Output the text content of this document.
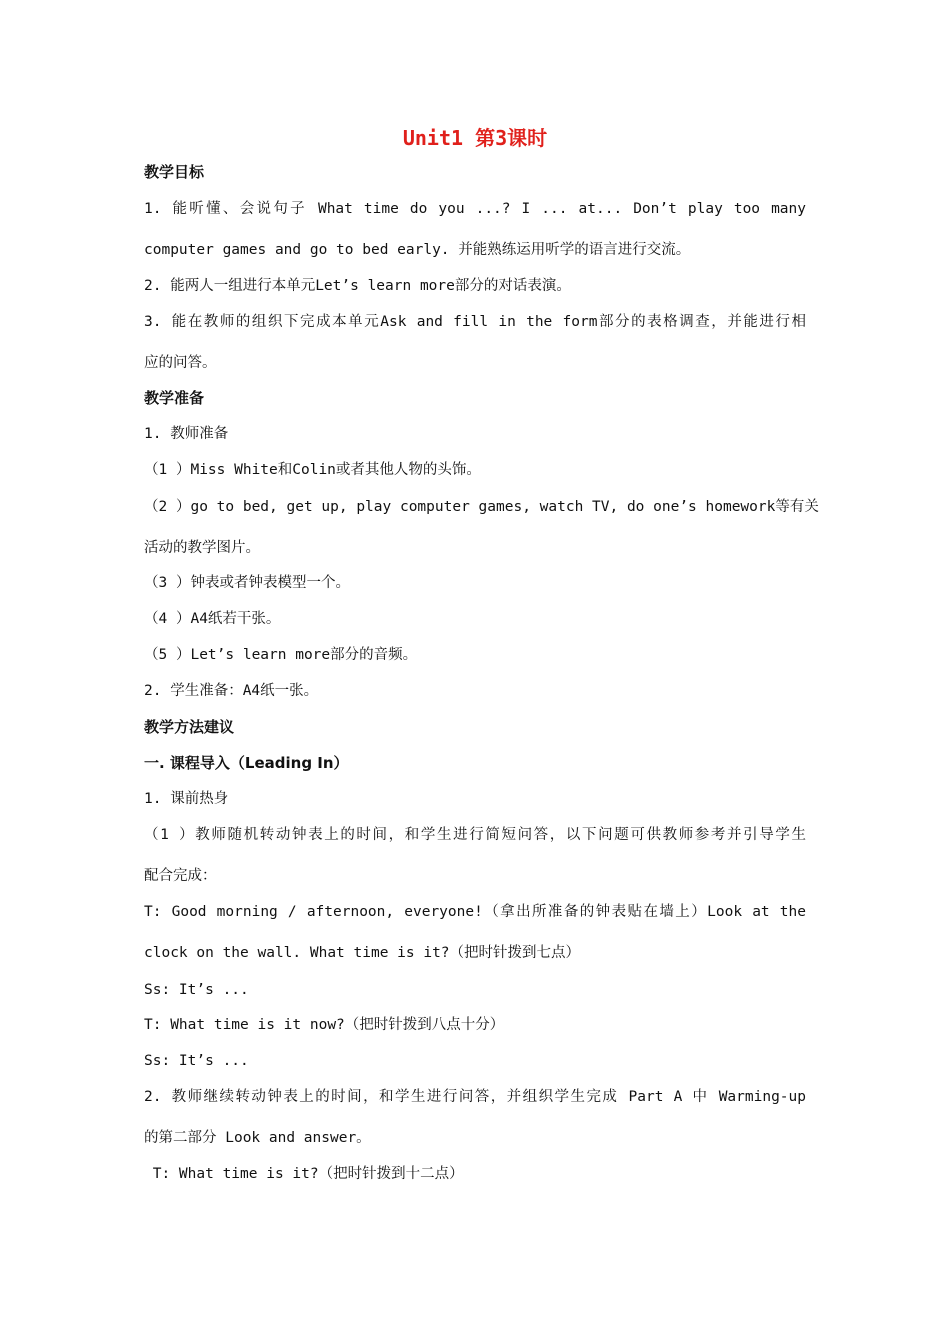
Unit1 第3课时
教学目标
1. 能听懂、会说句子 What time do you ...? I ... at... Don’t play too many
computer games and go to bed early. 并能熟练运用听学的语言进行交流。
2. 能两人一组进行本单元Let’s learn more部分的对话表演。
3. 能在教师的组织下完成本单元Ask and fill in the form部分的表格调查，并能进行相
应的问答。
教学准备
1. 教师准备
（1 ）Miss White和Colin或者其他人物的头饰。
（2 ）go to bed, get up, play computer games, watch TV, do one’s homework等有关
活动的教学图片。
（3 ）钟表或者钟表模型一个。
（4 ）A4纸若干张。
（5 ）Let’s learn more部分的音频。
2. 学生准备：A4纸一张。
教学方法建议
一. 课程导入（Leading In）
1. 课前热身
（1 ）教师随机转动钟表上的时间，和学生进行简短问答，以下问题可供教师参考并引导学生
配合完成：
T: Good morning / afternoon, everyone!（拿出所准备的钟表贴在墙上）Look at the
clock on the wall. What time is it?（把时针拨到七点）
Ss: It’s ...
T: What time is it now?（把时针拨到八点十分）
Ss: It’s ...
2. 教师继续转动钟表上的时间，和学生进行问答，并组织学生完成 Part A 中 Warming-up
的第二部分 Look and answer。
T: What time is it?（把时针拨到十二点）
